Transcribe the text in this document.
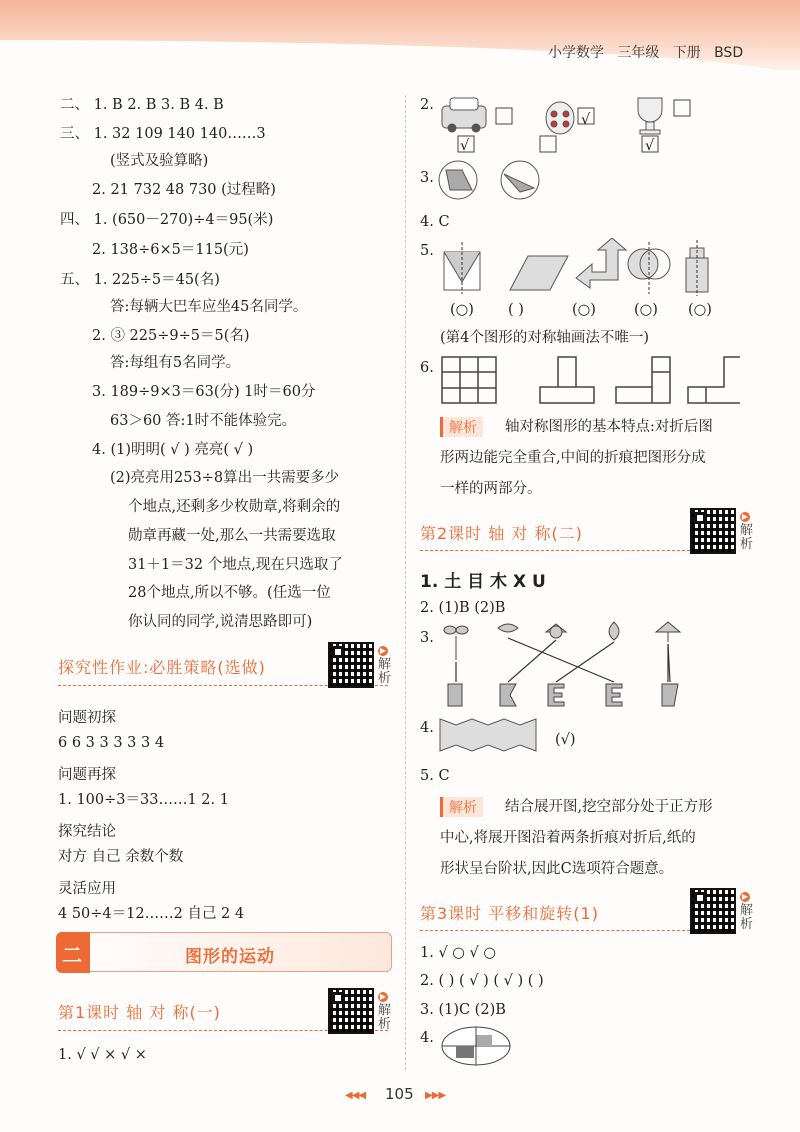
小学数学 三年级 下册 BSD
二、 1. B 2. B 3. B 4. B
三、 1. 32 109 140 140……3
(竖式及验算略)
2. 21 732 48 730 (过程略)
四、 1. (650－270)÷4＝95(米)
2. 138÷6×5＝115(元)
五、 1. 225÷5＝45(名)
答:每辆大巴车应坐45名同学。
2. ③ 225÷9÷5＝5(名)
答:每组有5名同学。
3. 189÷9×3＝63(分) 1时＝60分
63＞60 答:1时不能体验完。
4. (1)明明( √ ) 亮亮( √ )
(2)亮亮用253÷8算出一共需要多少
个地点,还剩多少枚勋章,将剩余的
勋章再藏一处,那么一共需要选取
31＋1＝32 个地点,现在只选取了
28个地点,所以不够。(任选一位
你认同的同学,说清思路即可)
探究性作业:必胜策略(选做)
▶
解析
问题初探
6 6 3 3 3 3 3 4
问题再探
1. 100÷3＝33……1 2. 1
探究结论
对方 自己 余数个数
灵活应用
4 50÷4＝12……2 自己 2 4
二	图形的运动
第1课时 轴 对 称(一)
▶
解析
1. √ √ × √ ×
2.
√
√
√
3.
4. C
5.
(○) ( )	(○)	(○) (○)
(第4个图形的对称轴画法不唯一)
6.
解析	轴对称图形的基本特点:对折后图
形两边能完全重合,中间的折痕把图形分成
一样的两部分。
第2课时 轴 对 称(二)
▶
解析
1. 土 目 木 X U
2. (1)B (2)B
3.
4.
(√)
5. C
解析	结合展开图,挖空部分处于正方形
中心,将展开图沿着两条折痕对折后,纸的
形状呈台阶状,因此C选项符合题意。
第3课时 平移和旋转(1)
▶
解析
1. √ ○ √ ○
2. ( ) ( √ ) ( √ ) ( )
3. (1)C (2)B
4.
◀◀◀ 105 ▶▶▶
